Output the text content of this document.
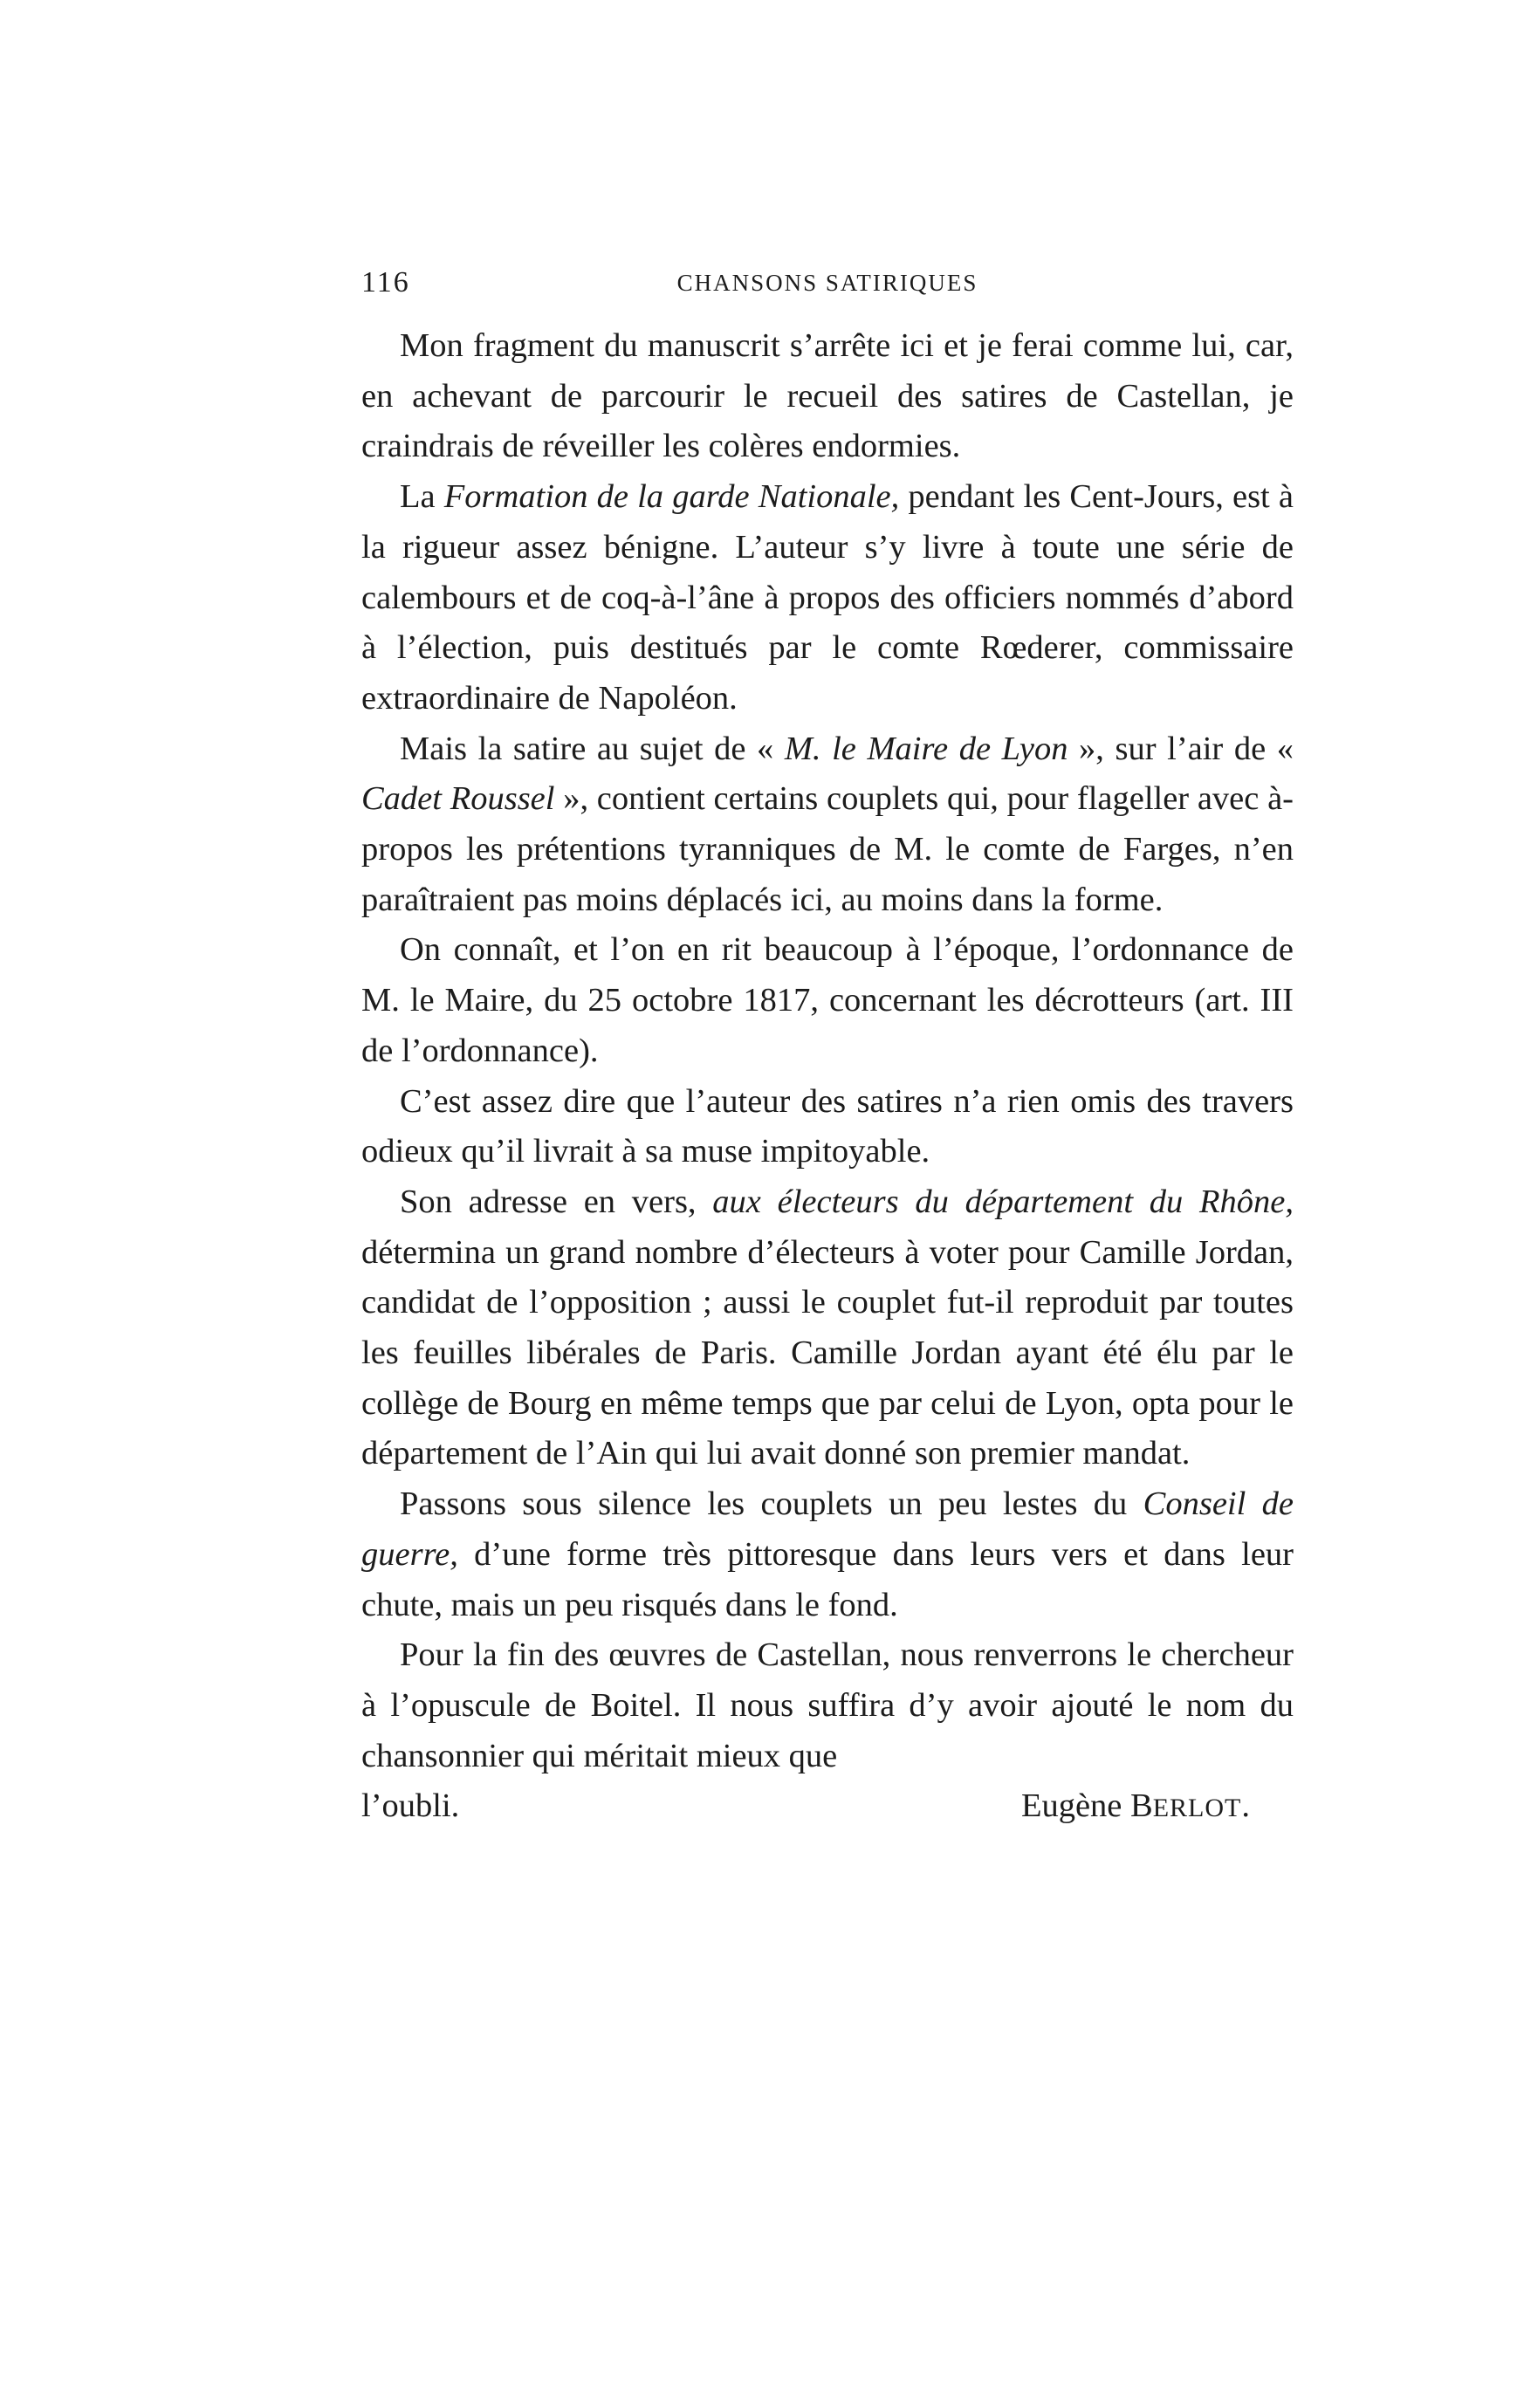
116	CHANSONS SATIRIQUES

Mon fragment du manuscrit s’arrête ici et je ferai comme lui, car, en achevant de parcourir le recueil des satires de Castellan, je craindrais de réveiller les colères endormies.

La Formation de la garde Nationale, pendant les Cent-Jours, est à la rigueur assez bénigne. L’auteur s’y livre à toute une série de calembours et de coq-à-l’âne à propos des officiers nommés d’abord à l’élection, puis destitués par le comte Rœderer, commissaire extraordinaire de Napoléon.

Mais la satire au sujet de « M. le Maire de Lyon », sur l’air de « Cadet Roussel », contient certains couplets qui, pour flageller avec à-propos les prétentions tyranniques de M. le comte de Farges, n’en paraîtraient pas moins déplacés ici, au moins dans la forme.

On connaît, et l’on en rit beaucoup à l’époque, l’ordonnance de M. le Maire, du 25 octobre 1817, concernant les décrotteurs (art. III de l’ordonnance).

C’est assez dire que l’auteur des satires n’a rien omis des travers odieux qu’il livrait à sa muse impitoyable.

Son adresse en vers, aux électeurs du département du Rhône, détermina un grand nombre d’électeurs à voter pour Camille Jordan, candidat de l’opposition ; aussi le couplet fut-il reproduit par toutes les feuilles libérales de Paris. Camille Jordan ayant été élu par le collège de Bourg en même temps que par celui de Lyon, opta pour le département de l’Ain qui lui avait donné son premier mandat.

Passons sous silence les couplets un peu lestes du Conseil de guerre, d’une forme très pittoresque dans leurs vers et dans leur chute, mais un peu risqués dans le fond.

Pour la fin des œuvres de Castellan, nous renverrons le chercheur à l’opuscule de Boitel. Il nous suffira d’y avoir ajouté le nom du chansonnier qui méritait mieux que

l’oubli.	Eugène BERLOT.
